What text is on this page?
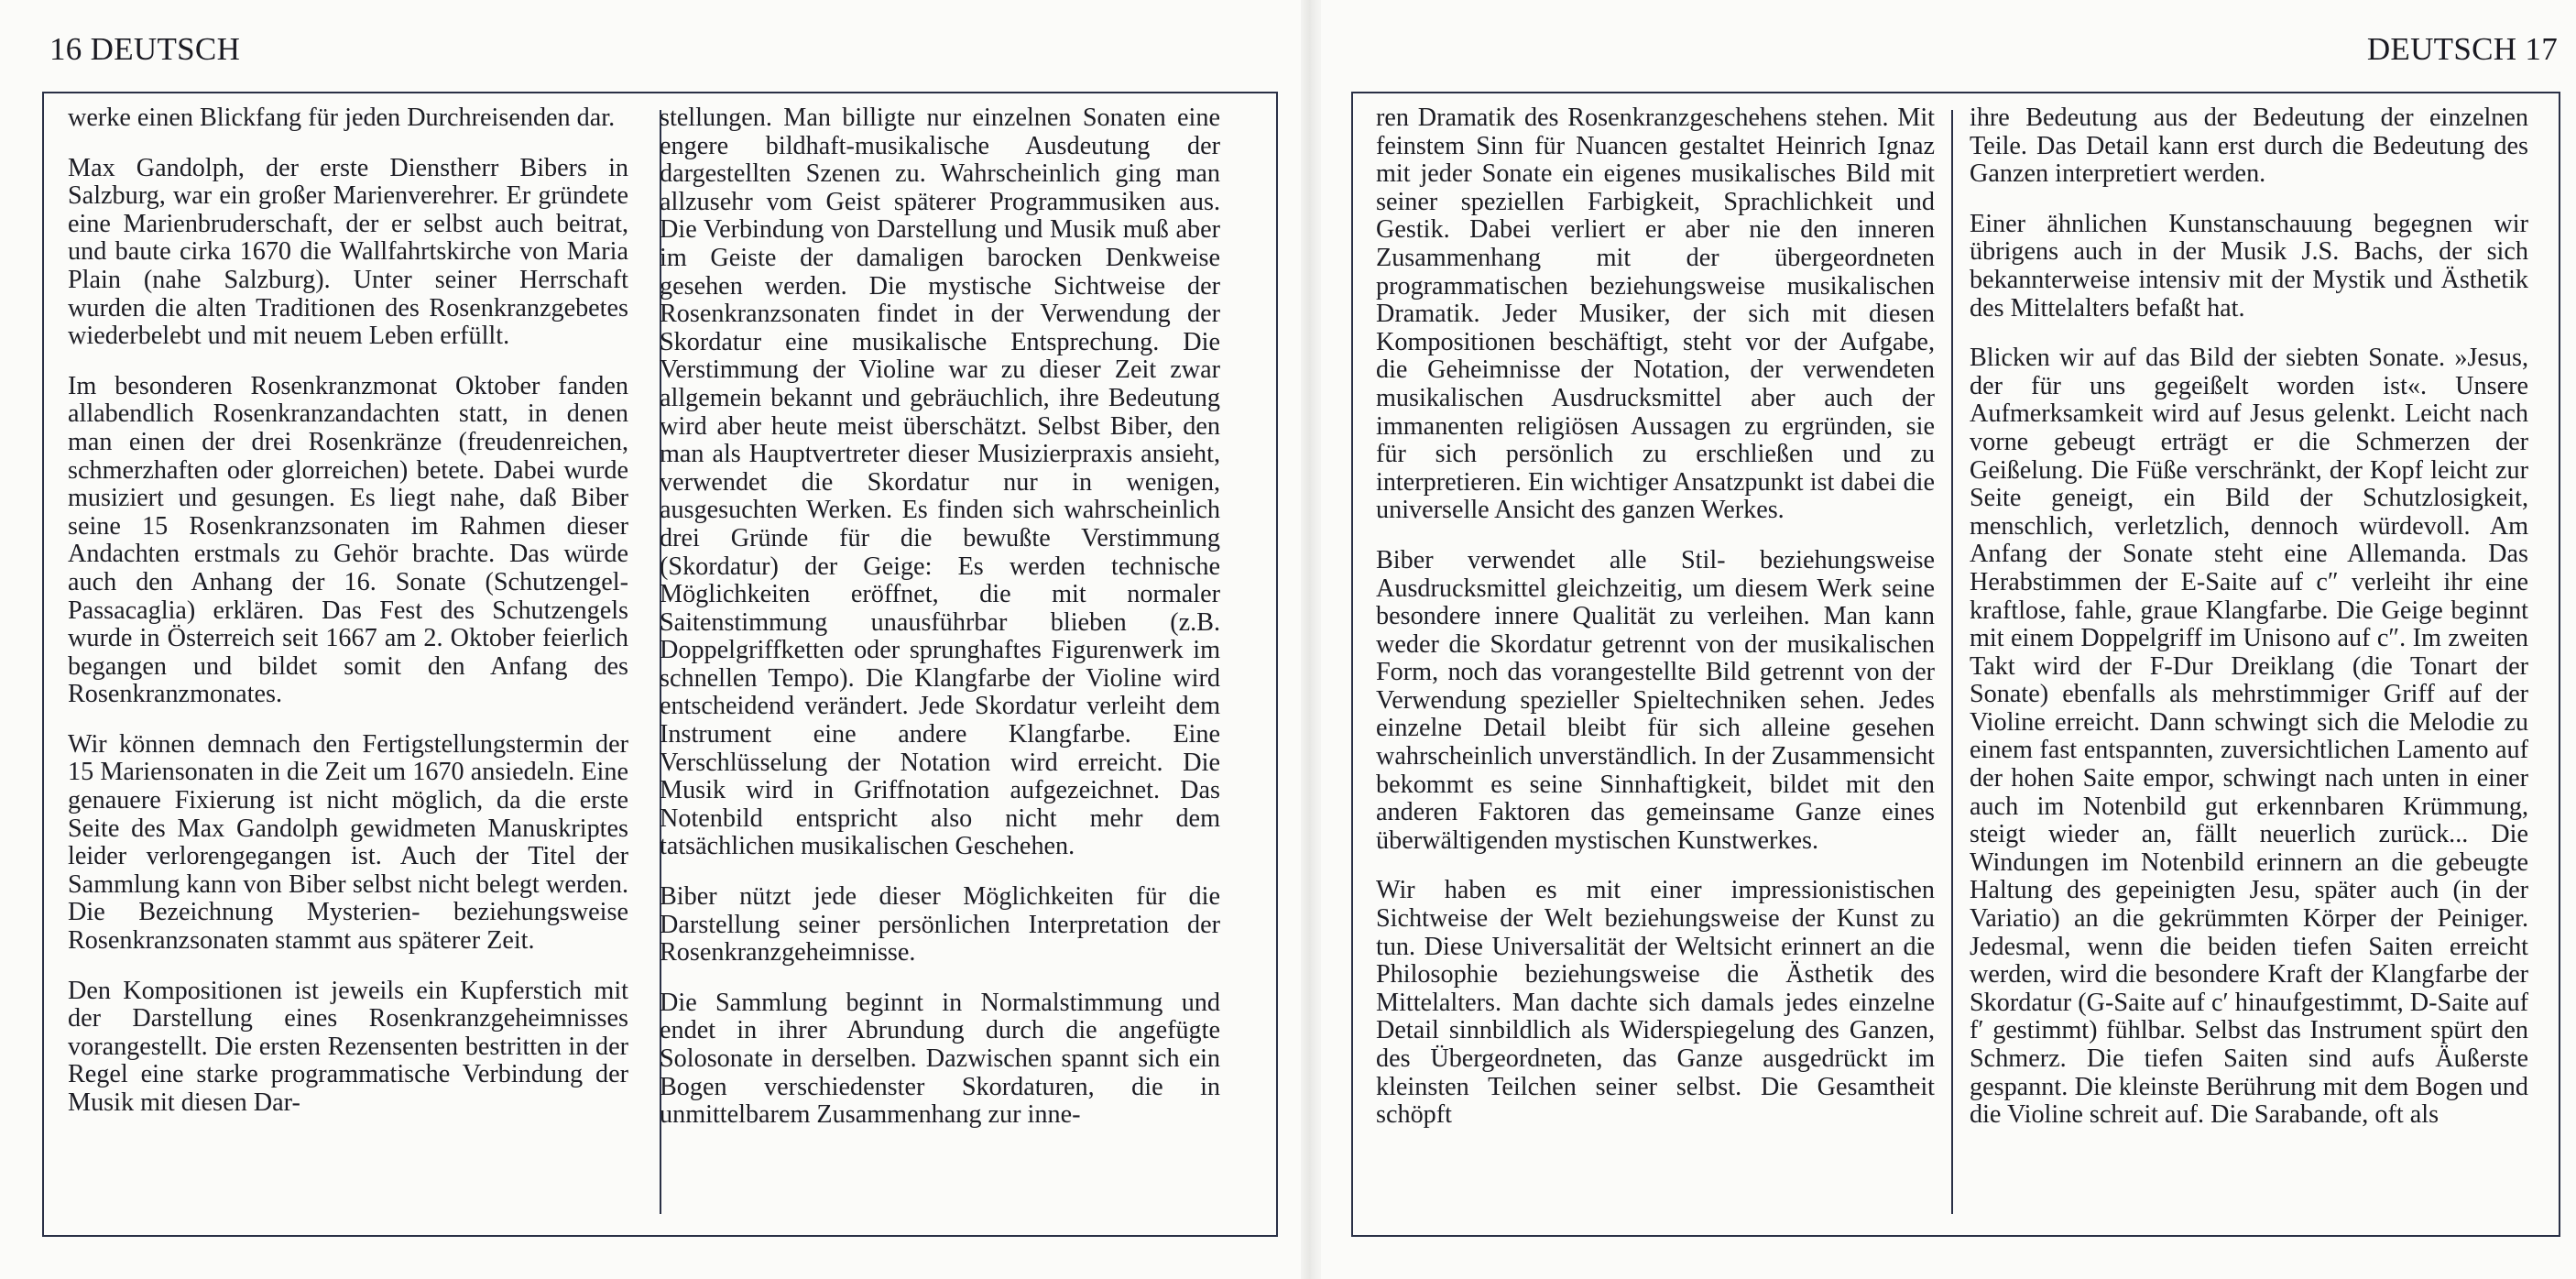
16 DEUTSCH

werke einen Blickfang für jeden Durchreisenden dar.

Max Gandolph, der erste Dienstherr Bibers in Salzburg, war ein großer Marienverehrer. Er gründete eine Marienbruderschaft, der er selbst auch beitrat, und baute cirka 1670 die Wallfahrtskirche von Maria Plain (nahe Salzburg). Unter seiner Herrschaft wurden die alten Traditionen des Rosenkranzgebetes wiederbelebt und mit neuem Leben erfüllt.

Im besonderen Rosenkranzmonat Oktober fanden allabendlich Rosenkranzandachten statt, in denen man einen der drei Rosenkränze (freudenreichen, schmerzhaften oder glorreichen) betete. Dabei wurde musiziert und gesungen. Es liegt nahe, daß Biber seine 15 Rosenkranzsonaten im Rahmen dieser Andachten erstmals zu Gehör brachte. Das würde auch den Anhang der 16. Sonate (Schutzengel-Passacaglia) erklären. Das Fest des Schutzengels wurde in Österreich seit 1667 am 2. Oktober feierlich begangen und bildet somit den Anfang des Rosenkranzmonates.

Wir können demnach den Fertigstellungstermin der 15 Mariensonaten in die Zeit um 1670 ansiedeln. Eine genauere Fixierung ist nicht möglich, da die erste Seite des Max Gandolph gewidmeten Manuskriptes leider verlorengegangen ist. Auch der Titel der Sammlung kann von Biber selbst nicht belegt werden. Die Bezeichnung Mysterien- beziehungsweise Rosenkranzsonaten stammt aus späterer Zeit.

Den Kompositionen ist jeweils ein Kupferstich mit der Darstellung eines Rosenkranzgeheimnisses vorangestellt. Die ersten Rezensenten bestritten in der Regel eine starke programmatische Verbindung der Musik mit diesen Dar-

stellungen. Man billigte nur einzelnen Sonaten eine engere bildhaft-musikalische Ausdeutung der dargestellten Szenen zu. Wahrscheinlich ging man allzusehr vom Geist späterer Programmusiken aus. Die Verbindung von Darstellung und Musik muß aber im Geiste der damaligen barocken Denkweise gesehen werden. Die mystische Sichtweise der Rosenkranzsonaten findet in der Verwendung der Skordatur eine musikalische Entsprechung. Die Verstimmung der Violine war zu dieser Zeit zwar allgemein bekannt und gebräuchlich, ihre Bedeutung wird aber heute meist überschätzt. Selbst Biber, den man als Hauptvertreter dieser Musizierpraxis ansieht, verwendet die Skordatur nur in wenigen, ausgesuchten Werken. Es finden sich wahrscheinlich drei Gründe für die bewußte Verstimmung (Skordatur) der Geige: Es werden technische Möglichkeiten eröffnet, die mit normaler Saitenstimmung unausführbar blieben (z.B. Doppelgriffketten oder sprunghaftes Figurenwerk im schnellen Tempo). Die Klangfarbe der Violine wird entscheidend verändert. Jede Skordatur verleiht dem Instrument eine andere Klangfarbe. Eine Verschlüsselung der Notation wird erreicht. Die Musik wird in Griffnotation aufgezeichnet. Das Notenbild entspricht also nicht mehr dem tatsächlichen musikalischen Geschehen.

Biber nützt jede dieser Möglichkeiten für die Darstellung seiner persönlichen Interpretation der Rosenkranzgeheimnisse.

Die Sammlung beginnt in Normalstimmung und endet in ihrer Abrundung durch die angefügte Solosonate in derselben. Dazwischen spannt sich ein Bogen verschiedenster Skordaturen, die in unmittelbarem Zusammenhang zur inne-

DEUTSCH 17

ren Dramatik des Rosenkranzgeschehens stehen. Mit feinstem Sinn für Nuancen gestaltet Heinrich Ignaz mit jeder Sonate ein eigenes musikalisches Bild mit seiner speziellen Farbigkeit, Sprachlichkeit und Gestik. Dabei verliert er aber nie den inneren Zusammenhang mit der übergeordneten programmatischen beziehungsweise musikalischen Dramatik. Jeder Musiker, der sich mit diesen Kompositionen beschäftigt, steht vor der Aufgabe, die Geheimnisse der Notation, der verwendeten musikalischen Ausdrucksmittel aber auch der immanenten religiösen Aussagen zu ergründen, sie für sich persönlich zu erschließen und zu interpretieren. Ein wichtiger Ansatzpunkt ist dabei die universelle Ansicht des ganzen Werkes.

Biber verwendet alle Stil- beziehungsweise Ausdrucksmittel gleichzeitig, um diesem Werk seine besondere innere Qualität zu verleihen. Man kann weder die Skordatur getrennt von der musikalischen Form, noch das vorangestellte Bild getrennt von der Verwendung spezieller Spieltechniken sehen. Jedes einzelne Detail bleibt für sich alleine gesehen wahrscheinlich unverständlich. In der Zusammensicht bekommt es seine Sinnhaftigkeit, bildet mit den anderen Faktoren das gemeinsame Ganze eines überwältigenden mystischen Kunstwerkes.

Wir haben es mit einer impressionistischen Sichtweise der Welt beziehungsweise der Kunst zu tun. Diese Universalität der Weltsicht erinnert an die Philosophie beziehungsweise die Ästhetik des Mittelalters. Man dachte sich damals jedes einzelne Detail sinnbildlich als Widerspiegelung des Ganzen, des Übergeordneten, das Ganze ausgedrückt im kleinsten Teilchen seiner selbst. Die Gesamtheit schöpft

ihre Bedeutung aus der Bedeutung der einzelnen Teile. Das Detail kann erst durch die Bedeutung des Ganzen interpretiert werden.

Einer ähnlichen Kunstanschauung begegnen wir übrigens auch in der Musik J.S. Bachs, der sich bekannterweise intensiv mit der Mystik und Ästhetik des Mittelalters befaßt hat.

Blicken wir auf das Bild der siebten Sonate. »Jesus, der für uns gegeißelt worden ist«. Unsere Aufmerksamkeit wird auf Jesus gelenkt. Leicht nach vorne gebeugt erträgt er die Schmerzen der Geißelung. Die Füße verschränkt, der Kopf leicht zur Seite geneigt, ein Bild der Schutzlosigkeit, menschlich, verletzlich, dennoch würdevoll. Am Anfang der Sonate steht eine Allemanda. Das Herabstimmen der E-Saite auf c″ verleiht ihr eine kraftlose, fahle, graue Klangfarbe. Die Geige beginnt mit einem Doppelgriff im Unisono auf c″. Im zweiten Takt wird der F-Dur Dreiklang (die Tonart der Sonate) ebenfalls als mehrstimmiger Griff auf der Violine erreicht. Dann schwingt sich die Melodie zu einem fast entspannten, zuversichtlichen Lamento auf der hohen Saite empor, schwingt nach unten in einer auch im Notenbild gut erkennbaren Krümmung, steigt wieder an, fällt neuerlich zurück... Die Windungen im Notenbild erinnern an die gebeugte Haltung des gepeinigten Jesu, später auch (in der Variatio) an die gekrümmten Körper der Peiniger. Jedesmal, wenn die beiden tiefen Saiten erreicht werden, wird die besondere Kraft der Klangfarbe der Skordatur (G-Saite auf c′ hinaufgestimmt, D-Saite auf f′ gestimmt) fühlbar. Selbst das Instrument spürt den Schmerz. Die tiefen Saiten sind aufs Äußerste gespannt. Die kleinste Berührung mit dem Bogen und die Violine schreit auf. Die Sarabande, oft als
